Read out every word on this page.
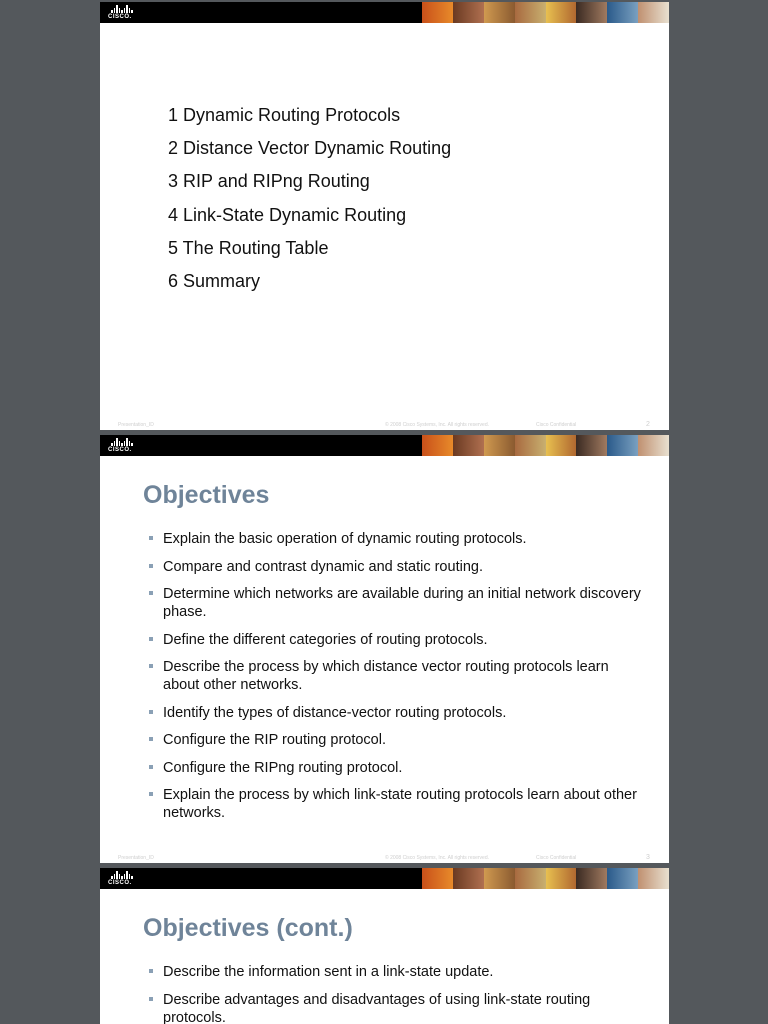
CISCO.
1 Dynamic Routing Protocols
2 Distance Vector Dynamic Routing
3 RIP and RIPng Routing
4 Link-State Dynamic Routing
5 The Routing Table
6 Summary
Presentation_ID	© 2008 Cisco Systems, Inc. All rights reserved.	Cisco Confidential	2
CISCO.
Objectives
Explain the basic operation of dynamic routing protocols.
Compare and contrast dynamic and static routing.
Determine which networks are available during an initial network discovery phase.
Define the different categories of routing protocols.
Describe the process by which distance vector routing protocols learn about other networks.
Identify the types of distance-vector routing protocols.
Configure the RIP routing protocol.
Configure the RIPng routing protocol.
Explain the process by which link-state routing protocols learn about other networks.
Presentation_ID	© 2008 Cisco Systems, Inc. All rights reserved.	Cisco Confidential	3
CISCO.
Objectives (cont.)
Describe the information sent in a link-state update.
Describe advantages and disadvantages of using link-state routing protocols.
